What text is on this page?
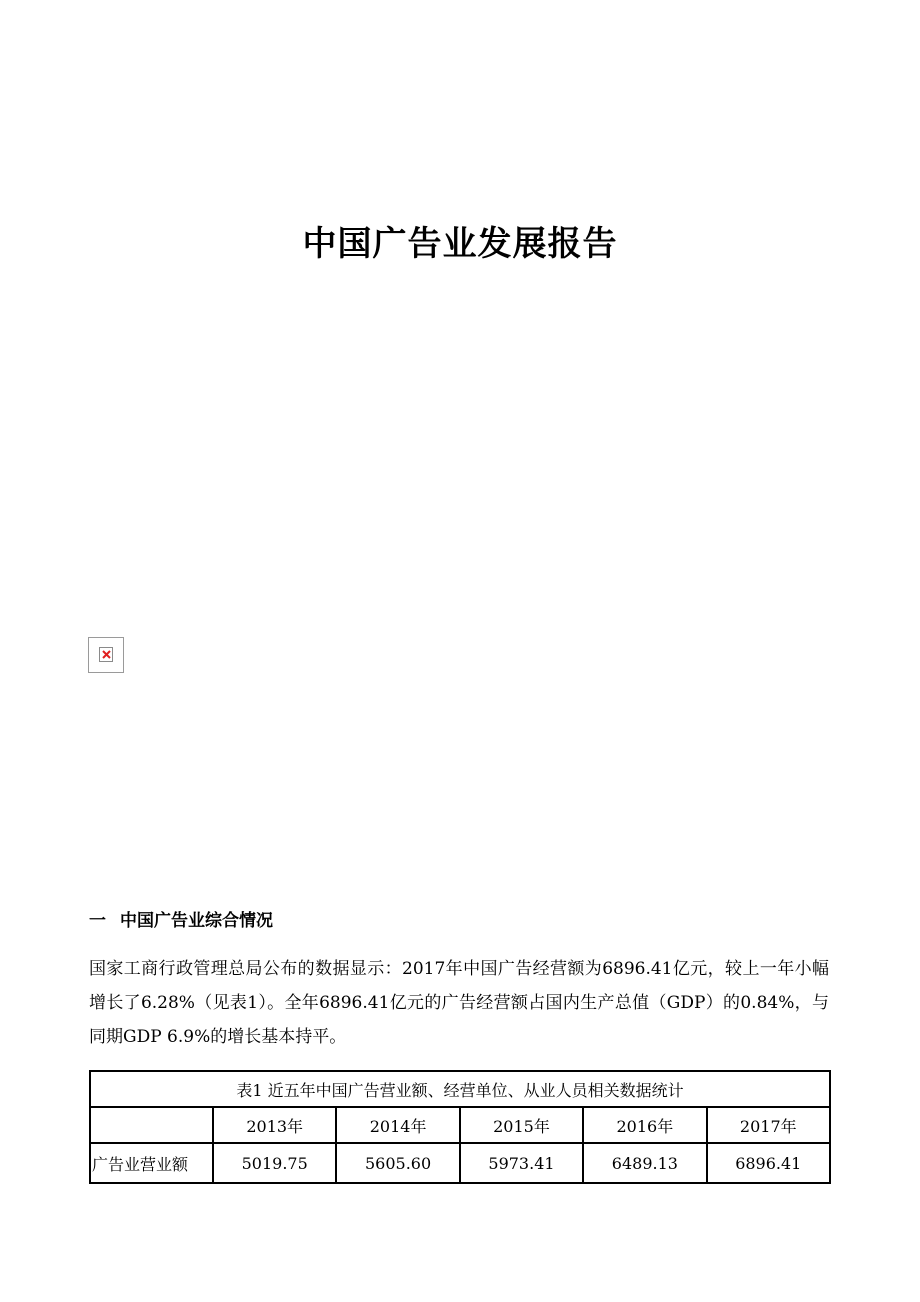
中国广告业发展报告
一 中国广告业综合情况

国家工商行政管理总局公布的数据显示：2017年中国广告经营额为6896.41亿元，较上一年小幅增长了6.28%（见表1）。全年6896.41亿元的广告经营额占国内生产总值（GDP）的0.84%，与同期GDP 6.9%的增长基本持平。

表1 近五年中国广告营业额、经营单位、从业人员相关数据统计					
	2013年	2014年	2015年	2016年	2017年
广告业营业额	5019.75	5605.60	5973.41	6489.13	6896.41
